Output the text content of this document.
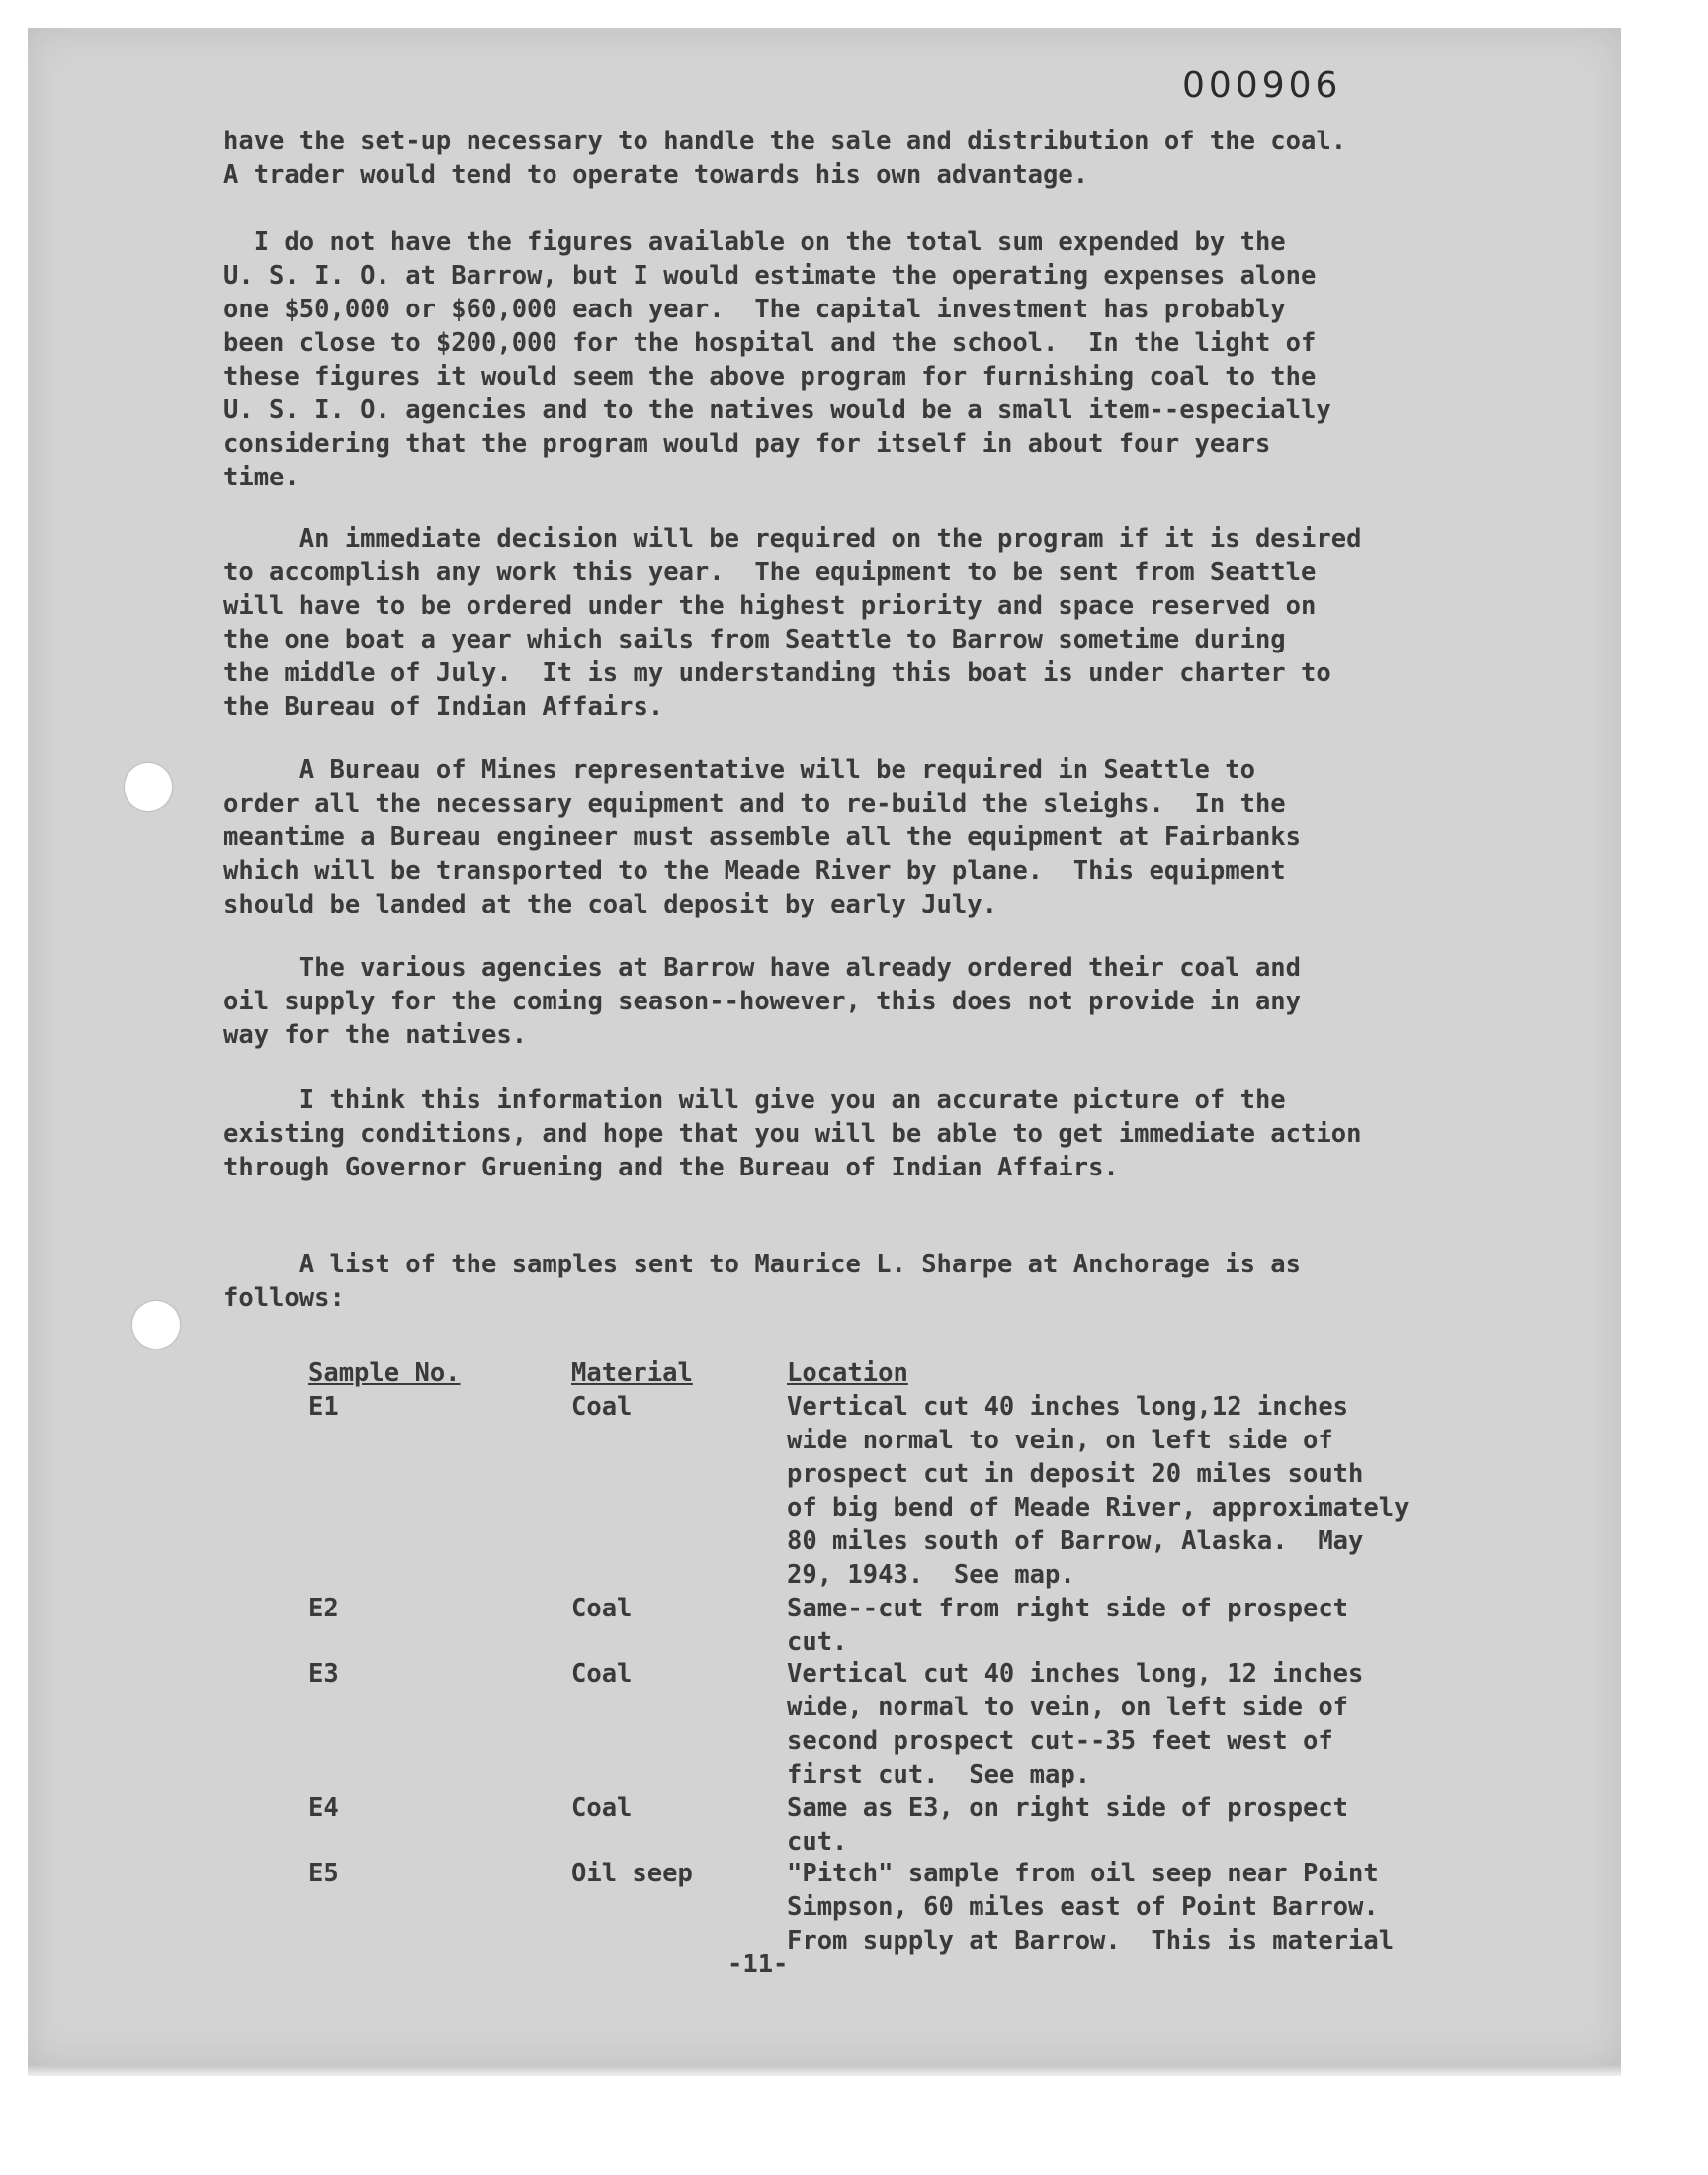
000906

have the set-up necessary to handle the sale and distribution of the coal.
A trader would tend to operate towards his own advantage.

I do not have the figures available on the total sum expended by the
U. S. I. O. at Barrow, but I would estimate the operating expenses alone
one $50,000 or $60,000 each year.  The capital investment has probably
been close to $200,000 for the hospital and the school.  In the light of
these figures it would seem the above program for furnishing coal to the
U. S. I. O. agencies and to the natives would be a small item--especially
considering that the program would pay for itself in about four years
time.

An immediate decision will be required on the program if it is desired
to accomplish any work this year.  The equipment to be sent from Seattle
will have to be ordered under the highest priority and space reserved on
the one boat a year which sails from Seattle to Barrow sometime during
the middle of July.  It is my understanding this boat is under charter to
the Bureau of Indian Affairs.

A Bureau of Mines representative will be required in Seattle to
order all the necessary equipment and to re-build the sleighs.  In the
meantime a Bureau engineer must assemble all the equipment at Fairbanks
which will be transported to the Meade River by plane.  This equipment
should be landed at the coal deposit by early July.

The various agencies at Barrow have already ordered their coal and
oil supply for the coming season--however, this does not provide in any
way for the natives.

I think this information will give you an accurate picture of the
existing conditions, and hope that you will be able to get immediate action
through Governor Gruening and the Bureau of Indian Affairs.

A list of the samples sent to Maurice L. Sharpe at Anchorage is as
follows:

Sample No.	Material	Location
E1	Coal	Vertical cut 40 inches long,12 inches
wide normal to vein, on left side of
prospect cut in deposit 20 miles south
of big bend of Meade River, approximately
80 miles south of Barrow, Alaska.  May
29, 1943.  See map.
E2	Coal	Same--cut from right side of prospect
cut.
E3	Coal	Vertical cut 40 inches long, 12 inches
wide, normal to vein, on left side of
second prospect cut--35 feet west of
first cut.  See map.
E4	Coal	Same as E3, on right side of prospect
cut.
E5	Oil seep	"Pitch" sample from oil seep near Point
Simpson, 60 miles east of Point Barrow.
From supply at Barrow.  This is material
-11-
